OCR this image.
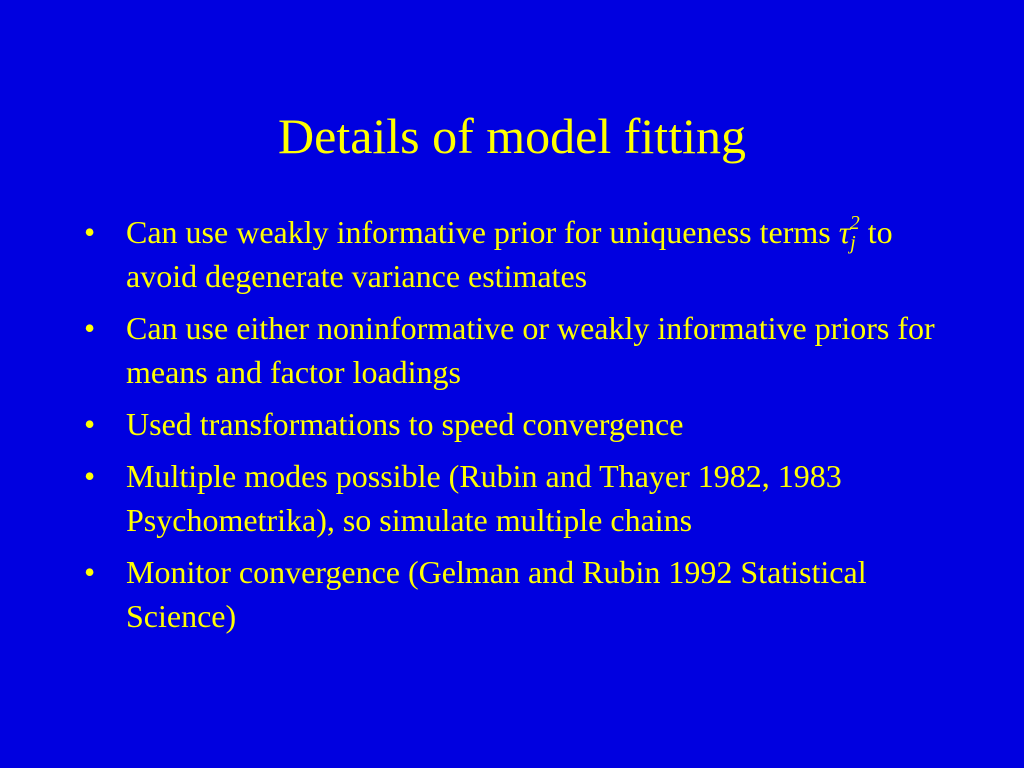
Details of model fitting
• Can use weakly informative prior for uniqueness terms $\tau_j^2$ to avoid degenerate variance estimates
• Can use either noninformative or weakly informative priors for means and factor loadings
• Used transformations to speed convergence
• Multiple modes possible (Rubin and Thayer 1982, 1983 Psychometrika), so simulate multiple chains
• Monitor convergence (Gelman and Rubin 1992 Statistical Science)
